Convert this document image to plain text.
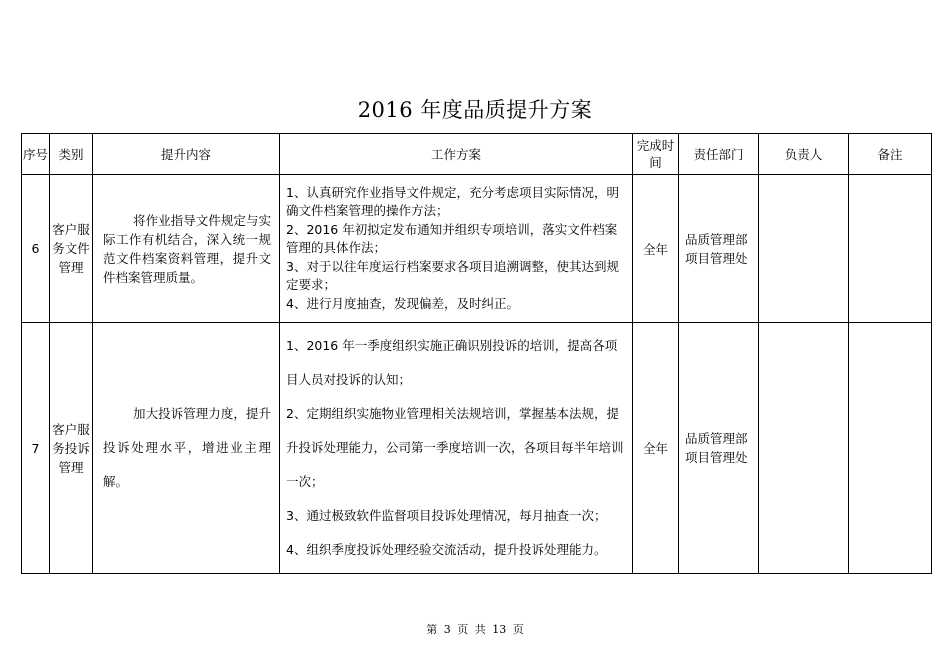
2016 年度品质提升方案
序号	类别	提升内容	工作方案	完成时间	责任部门	负责人	备注
6	客户服务文件管理	将作业指导文件规定与实际工作有机结合，深入统一规范文件档案资料管理，提升文件档案管理质量。	1、认真研究作业指导文件规定，充分考虑项目实际情况，明确文件档案管理的操作方法；

2、2016 年初拟定发布通知并组织专项培训，落实文件档案管理的具体作法；

3、对于以往年度运行档案要求各项目追溯调整，使其达到规定要求；

4、进行月度抽查，发现偏差，及时纠正。	全年	品质管理部项目管理处		
7	客户服务投诉管理	加大投诉管理力度，提升投诉处理水平，增进业主理解。	1、2016 年一季度组织实施正确识别投诉的培训，提高各项目人员对投诉的认知；

2、定期组织实施物业管理相关法规培训，掌握基本法规，提升投诉处理能力，公司第一季度培训一次，各项目每半年培训一次；

3、通过极致软件监督项目投诉处理情况，每月抽查一次；

4、组织季度投诉处理经验交流活动，提升投诉处理能力。	全年	品质管理部项目管理处		
第 3 页 共 13 页
